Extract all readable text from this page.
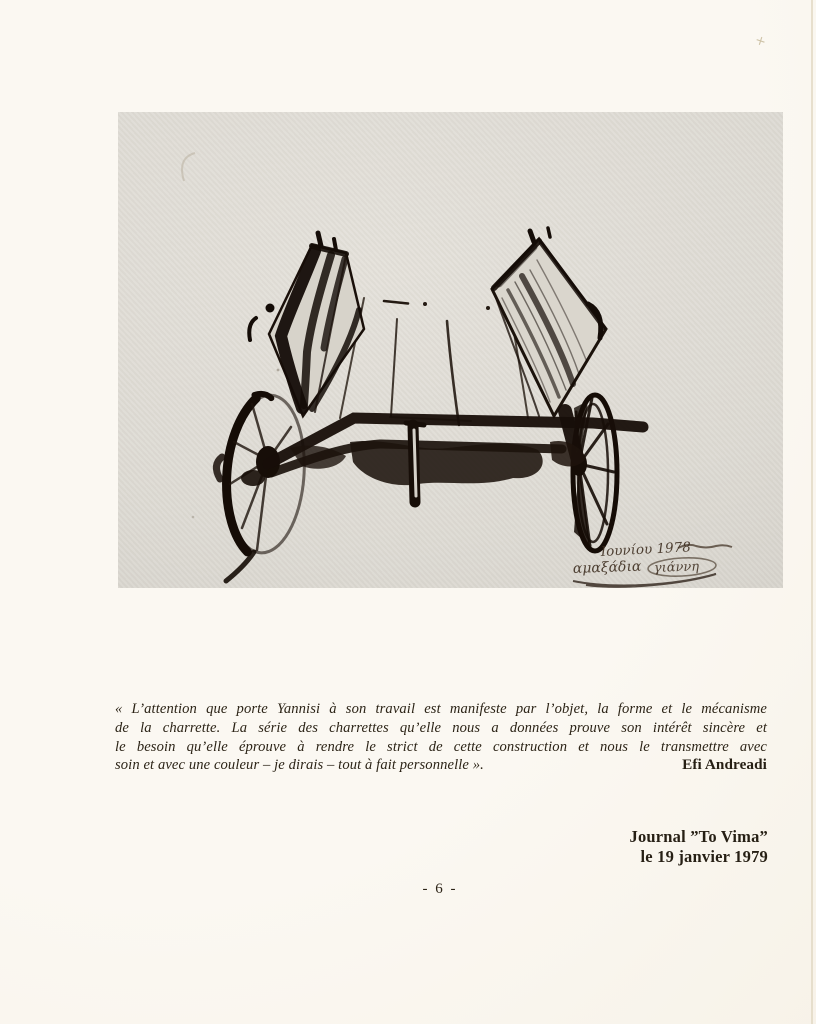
+
Ιουνίου 1978
αμαξάδια γιάννη
« L’attention que porte Yannisi à son travail est manifeste par l’objet, la forme et le mécanisme
de la charrette. La série des charrettes qu’elle nous a données prouve son intérêt sincère et
le besoin qu’elle éprouve à rendre le strict de cette construction et nous le transmettre avec
soin et avec une couleur – je dirais – tout à fait personnelle ».	Efi Andreadi
Journal ”To Vima”
le 19 janvier 1979
- 6 -
